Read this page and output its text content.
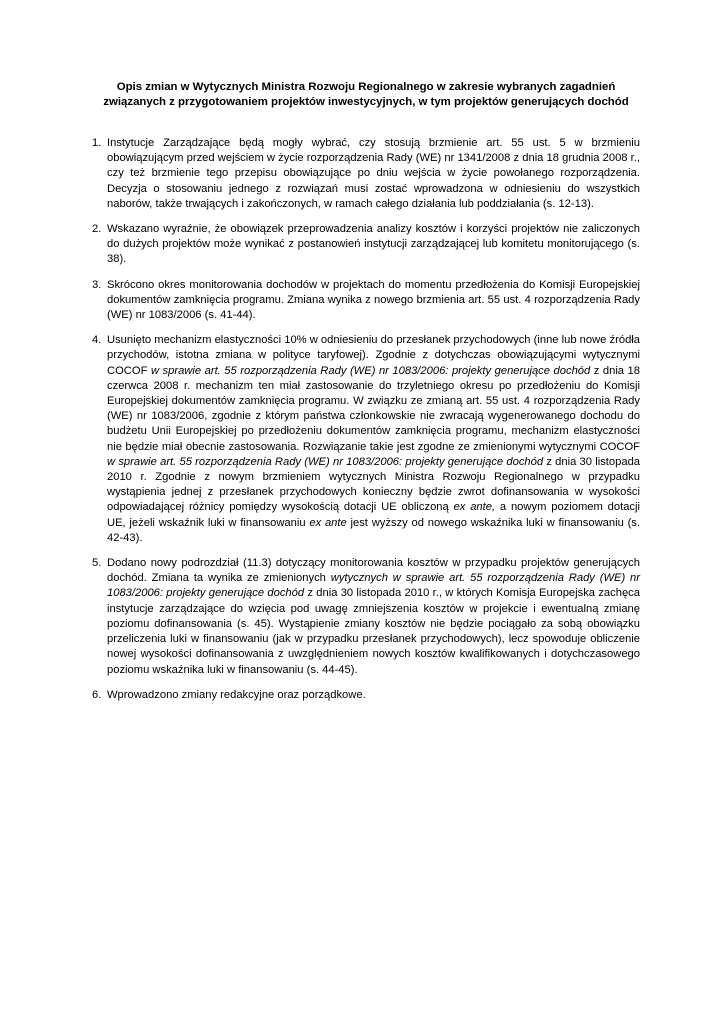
Opis zmian w Wytycznych Ministra Rozwoju Regionalnego w zakresie wybranych zagadnień związanych z przygotowaniem projektów inwestycyjnych, w tym projektów generujących dochód
1. Instytucje Zarządzające będą mogły wybrać, czy stosują brzmienie art. 55 ust. 5 w brzmieniu obowiązującym przed wejściem w życie rozporządzenia Rady (WE) nr 1341/2008 z dnia 18 grudnia 2008 r., czy też brzmienie tego przepisu obowiązujące po dniu wejścia w życie powołanego rozporządzenia. Decyzja o stosowaniu jednego z rozwiązań musi zostać wprowadzona w odniesieniu do wszystkich naborów, także trwających i zakończonych, w ramach całego działania lub poddziałania (s. 12-13).
2. Wskazano wyraźnie, że obowiązek przeprowadzenia analizy kosztów i korzyści projektów nie zaliczonych do dużych projektów może wynikać z postanowień instytucji zarządzającej lub komitetu monitorującego (s. 38).
3. Skrócono okres monitorowania dochodów w projektach do momentu przedłożenia do Komisji Europejskiej dokumentów zamknięcia programu. Zmiana wynika z nowego brzmienia art. 55 ust. 4 rozporządzenia Rady (WE) nr 1083/2006 (s. 41-44).
4. Usunięto mechanizm elastyczności 10% w odniesieniu do przesłanek przychodowych (inne lub nowe źródła przychodów, istotna zmiana w polityce taryfowej). Zgodnie z dotychczas obowiązującymi wytycznymi COCOF w sprawie art. 55 rozporządzenia Rady (WE) nr 1083/2006: projekty generujące dochód z dnia 18 czerwca 2008 r. mechanizm ten miał zastosowanie do trzyletniego okresu po przedłożeniu do Komisji Europejskiej dokumentów zamknięcia programu. W związku ze zmianą art. 55 ust. 4 rozporządzenia Rady (WE) nr 1083/2006, zgodnie z którym państwa członkowskie nie zwracają wygenerowanego dochodu do budżetu Unii Europejskiej po przedłożeniu dokumentów zamknięcia programu, mechanizm elastyczności nie będzie miał obecnie zastosowania. Rozwiązanie takie jest zgodne ze zmienionymi wytycznymi COCOF w sprawie art. 55 rozporządzenia Rady (WE) nr 1083/2006: projekty generujące dochód z dnia 30 listopada 2010 r. Zgodnie z nowym brzmieniem wytycznych Ministra Rozwoju Regionalnego w przypadku wystąpienia jednej z przesłanek przychodowych konieczny będzie zwrot dofinansowania w wysokości odpowiadającej różnicy pomiędzy wysokością dotacji UE obliczoną ex ante, a nowym poziomem dotacji UE, jeżeli wskaźnik luki w finansowaniu ex ante jest wyższy od nowego wskaźnika luki w finansowaniu (s. 42-43).
5. Dodano nowy podrozdział (11.3) dotyczący monitorowania kosztów w przypadku projektów generujących dochód. Zmiana ta wynika ze zmienionych wytycznych w sprawie art. 55 rozporządzenia Rady (WE) nr 1083/2006: projekty generujące dochód z dnia 30 listopada 2010 r., w których Komisja Europejska zachęca instytucje zarządzające do wzięcia pod uwagę zmniejszenia kosztów w projekcie i ewentualną zmianę poziomu dofinansowania (s. 45). Wystąpienie zmiany kosztów nie będzie pociągało za sobą obowiązku przeliczenia luki w finansowaniu (jak w przypadku przesłanek przychodowych), lecz spowoduje obliczenie nowej wysokości dofinansowania z uwzględnieniem nowych kosztów kwalifikowanych i dotychczasowego poziomu wskaźnika luki w finansowaniu (s. 44-45).
6. Wprowadzono zmiany redakcyjne oraz porządkowe.
